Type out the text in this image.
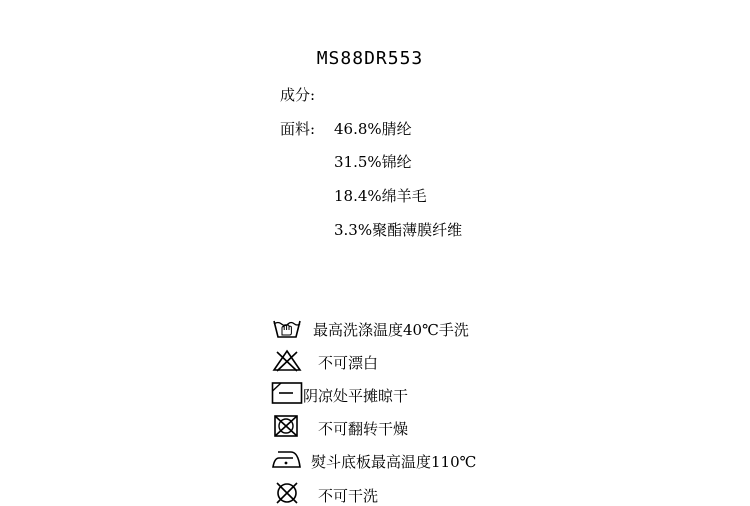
MS88DR553
成分:
面料: 46.8%腈纶
31.5%锦纶
18.4%绵羊毛
3.3%聚酯薄膜纤维
最高洗涤温度40℃手洗
不可漂白
阴凉处平摊晾干
不可翻转干燥
熨斗底板最高温度110℃
不可干洗
